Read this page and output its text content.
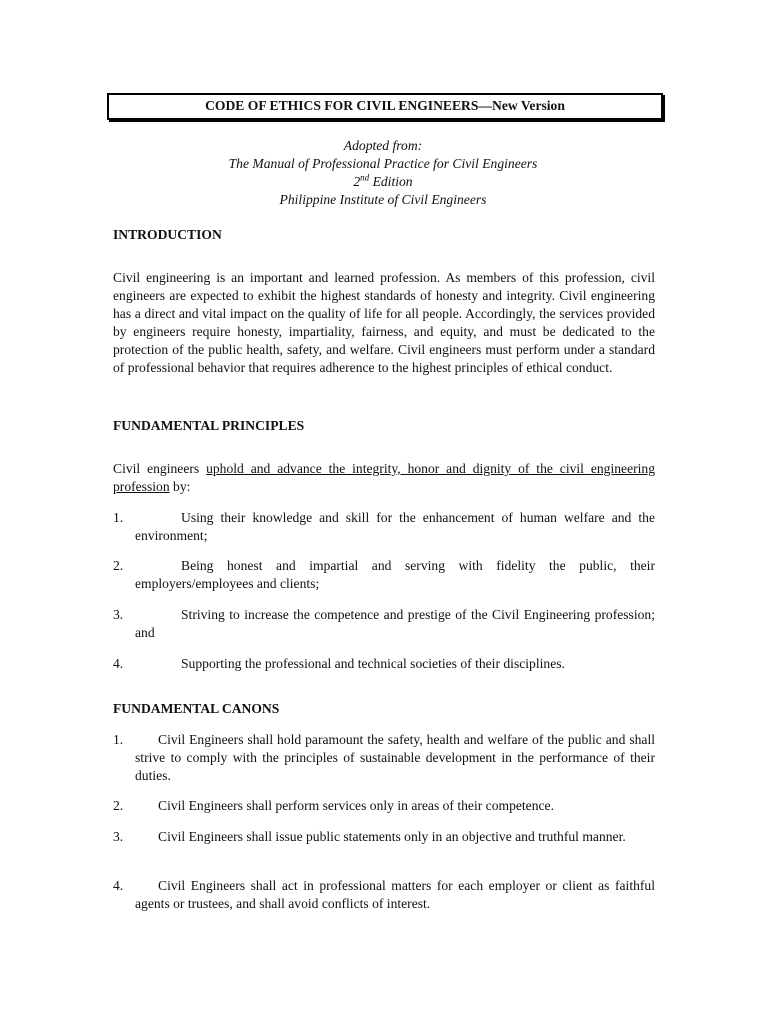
CODE OF ETHICS FOR CIVIL ENGINEERS—New Version
Adopted from:
The Manual of Professional Practice for Civil Engineers
2nd Edition
Philippine Institute of Civil Engineers
INTRODUCTION
Civil engineering is an important and learned profession. As members of this profession, civil engineers are expected to exhibit the highest standards of honesty and integrity. Civil engineering has a direct and vital impact on the quality of life for all people. Accordingly, the services provided by engineers require honesty, impartiality, fairness, and equity, and must be dedicated to the protection of the public health, safety, and welfare. Civil engineers must perform under a standard of professional behavior that requires adherence to the highest principles of ethical conduct.
FUNDAMENTAL PRINCIPLES
Civil engineers uphold and advance the integrity, honor and dignity of the civil engineering profession by:
1.	Using their knowledge and skill for the enhancement of human welfare and the environment;
2.	Being honest and impartial and serving with fidelity the public, their employers/employees and clients;
3.	Striving to increase the competence and prestige of the Civil Engineering profession; and
4.	Supporting the professional and technical societies of their disciplines.
FUNDAMENTAL CANONS
1.	Civil Engineers shall hold paramount the safety, health and welfare of the public and shall strive to comply with the principles of sustainable development in the performance of their duties.
2.	Civil Engineers shall perform services only in areas of their competence.
3.	Civil Engineers shall issue public statements only in an objective and truthful manner.
4.	Civil Engineers shall act in professional matters for each employer or client as faithful agents or trustees, and shall avoid conflicts of interest.
